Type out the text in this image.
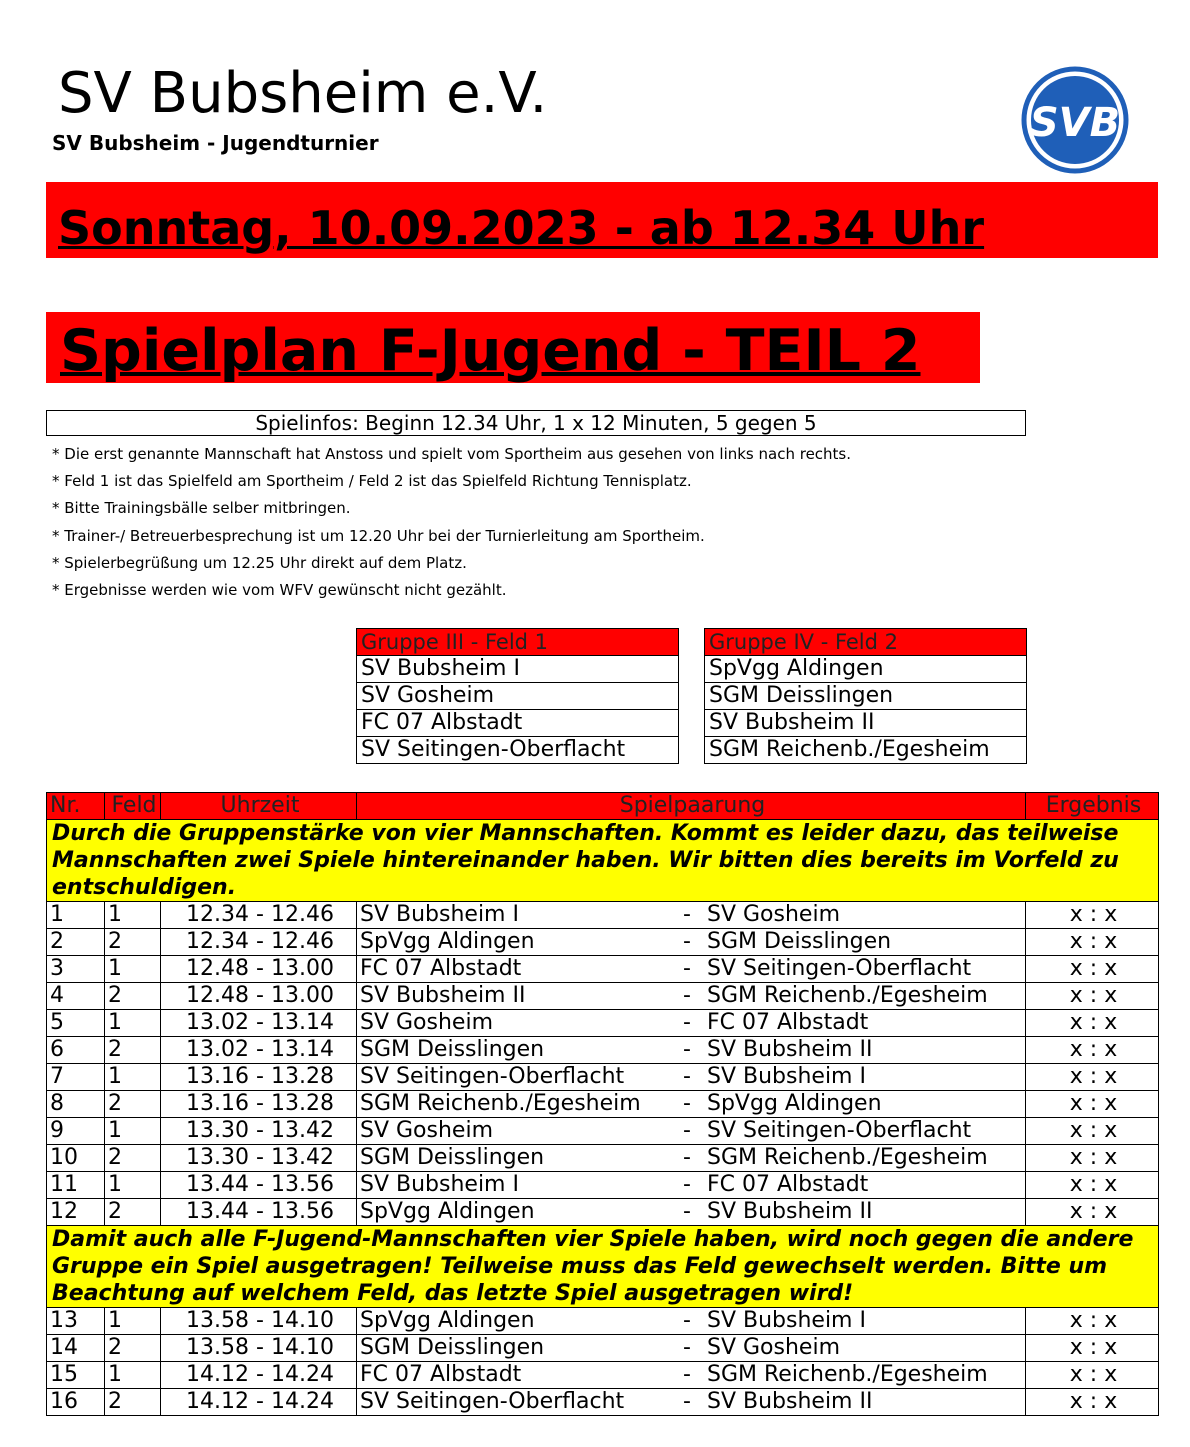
SV Bubsheim e.V.
SV Bubsheim - Jugendturnier	SVB
Sonntag, 10.09.2023 - ab 12.34 Uhr
Spielplan F-Jugend - TEIL 2
Spielinfos: Beginn 12.34 Uhr, 1 x 12 Minuten, 5 gegen 5
* Die erst genannte Mannschaft hat Anstoss und spielt vom Sportheim aus gesehen von links nach rechts.
* Feld 1 ist das Spielfeld am Sportheim / Feld 2 ist das Spielfeld Richtung Tennisplatz.
* Bitte Trainingsbälle selber mitbringen.
* Trainer-/ Betreuerbesprechung ist um 12.20 Uhr bei der Turnierleitung am Sportheim.
* Spielerbegrüßung um 12.25 Uhr direkt auf dem Platz.
* Ergebnisse werden wie vom WFV gewünscht nicht gezählt.
Gruppe III - Feld 1
SV Bubsheim I
SV Gosheim
FC 07 Albstadt
SV Seitingen-Oberflacht
Gruppe IV - Feld 2
SpVgg Aldingen
SGM Deisslingen
SV Bubsheim II
SGM Reichenb./Egesheim
Nr.	Feld	Uhrzeit	Spielpaarung	Ergebnis
Durch die Gruppenstärke von vier Mannschaften. Kommt es leider dazu, das teilweise Mannschaften zwei Spiele hintereinander haben. Wir bitten dies bereits im Vorfeld zu entschuldigen.				
1	1	12.34 - 12.46	SV Bubsheim I - SV Gosheim	x : x
2	2	12.34 - 12.46	SpVgg Aldingen - SGM Deisslingen	x : x
3	1	12.48 - 13.00	FC 07 Albstadt - SV Seitingen-Oberflacht	x : x
4	2	12.48 - 13.00	SV Bubsheim II - SGM Reichenb./Egesheim	x : x
5	1	13.02 - 13.14	SV Gosheim - FC 07 Albstadt	x : x
6	2	13.02 - 13.14	SGM Deisslingen - SV Bubsheim II	x : x
7	1	13.16 - 13.28	SV Seitingen-Oberflacht - SV Bubsheim I	x : x
8	2	13.16 - 13.28	SGM Reichenb./Egesheim - SpVgg Aldingen	x : x
9	1	13.30 - 13.42	SV Gosheim - SV Seitingen-Oberflacht	x : x
10	2	13.30 - 13.42	SGM Deisslingen - SGM Reichenb./Egesheim	x : x
11	1	13.44 - 13.56	SV Bubsheim I - FC 07 Albstadt	x : x
12	2	13.44 - 13.56	SpVgg Aldingen - SV Bubsheim II	x : x
Damit auch alle F-Jugend-Mannschaften vier Spiele haben, wird noch gegen die andere Gruppe ein Spiel ausgetragen! Teilweise muss das Feld gewechselt werden. Bitte um Beachtung auf welchem Feld, das letzte Spiel ausgetragen wird!				
13	1	13.58 - 14.10	SpVgg Aldingen - SV Bubsheim I	x : x
14	2	13.58 - 14.10	SGM Deisslingen - SV Gosheim	x : x
15	1	14.12 - 14.24	FC 07 Albstadt - SGM Reichenb./Egesheim	x : x
16	2	14.12 - 14.24	SV Seitingen-Oberflacht - SV Bubsheim II	x : x
